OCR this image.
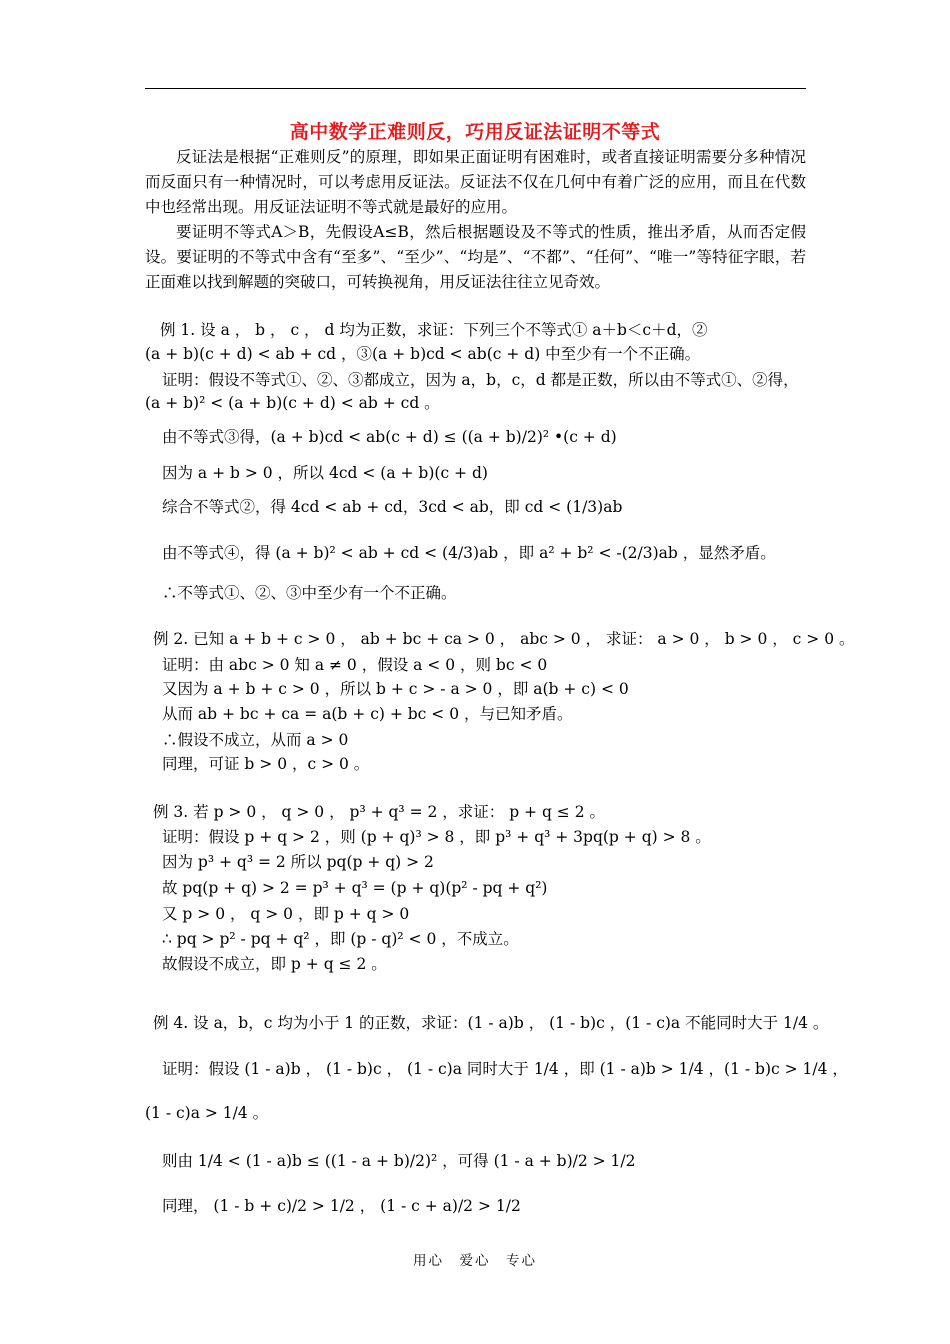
高中数学正难则反，巧用反证法证明不等式

反证法是根据“正难则反”的原理，即如果正面证明有困难时，或者直接证明需要分多种情况而反面只有一种情况时，可以考虑用反证法。反证法不仅在几何中有着广泛的应用，而且在代数中也经常出现。用反证法证明不等式就是最好的应用。

要证明不等式A＞B，先假设A≤B，然后根据题设及不等式的性质，推出矛盾，从而否定假设。要证明的不等式中含有“至多”、“至少”、“均是”、“不都”、“任何”、“唯一”等特征字眼，若正面难以找到解题的突破口，可转换视角，用反证法往往立见奇效。

例 1. 设 a ， b ， c ， d 均为正数，求证：下列三个不等式① a＋b＜c＋d，②
(a + b)(c + d) < ab + cd ，③(a + b)cd < ab(c + d) 中至少有一个不正确。
证明：假设不等式①、②、③都成立，因为 a，b，c，d 都是正数，所以由不等式①、②得，
(a + b)² < (a + b)(c + d) < ab + cd 。
由不等式③得，(a + b)cd < ab(c + d) ≤ ((a + b)/2)² •(c + d)
因为 a + b > 0 ，所以 4cd < (a + b)(c + d)
综合不等式②，得 4cd < ab + cd，3cd < ab，即 cd < (1/3)ab
由不等式④，得 (a + b)² < ab + cd < (4/3)ab ，即 a² + b² < -(2/3)ab ，显然矛盾。
∴不等式①、②、③中至少有一个不正确。
例 2. 已知 a + b + c > 0 ， ab + bc + ca > 0 ， abc > 0 ， 求证： a > 0 ， b > 0 ， c > 0 。
证明：由 abc > 0 知 a ≠ 0 ，假设 a < 0 ，则 bc < 0
又因为 a + b + c > 0 ，所以 b + c > - a > 0 ，即 a(b + c) < 0
从而 ab + bc + ca = a(b + c) + bc < 0 ，与已知矛盾。
∴假设不成立，从而 a > 0
同理，可证 b > 0 ，c > 0 。
例 3. 若 p > 0 ， q > 0 ， p³ + q³ = 2 ，求证： p + q ≤ 2 。
证明：假设 p + q > 2 ，则 (p + q)³ > 8 ，即 p³ + q³ + 3pq(p + q) > 8 。
因为 p³ + q³ = 2 所以 pq(p + q) > 2
故 pq(p + q) > 2 = p³ + q³ = (p + q)(p² - pq + q²)
又 p > 0 ， q > 0 ，即 p + q > 0
∴ pq > p² - pq + q² ，即 (p - q)² < 0 ，不成立。
故假设不成立，即 p + q ≤ 2 。
例 4. 设 a，b，c 均为小于 1 的正数，求证：(1 - a)b ， (1 - b)c ，(1 - c)a 不能同时大于 1/4 。
证明：假设 (1 - a)b ， (1 - b)c ， (1 - c)a 同时大于 1/4 ，即 (1 - a)b > 1/4 ，(1 - b)c > 1/4 ，
(1 - c)a > 1/4 。
则由 1/4 < (1 - a)b ≤ ((1 - a + b)/2)² ，可得 (1 - a + b)/2 > 1/2
同理， (1 - b + c)/2 > 1/2 ， (1 - c + a)/2 > 1/2
用心　爱心　专心
